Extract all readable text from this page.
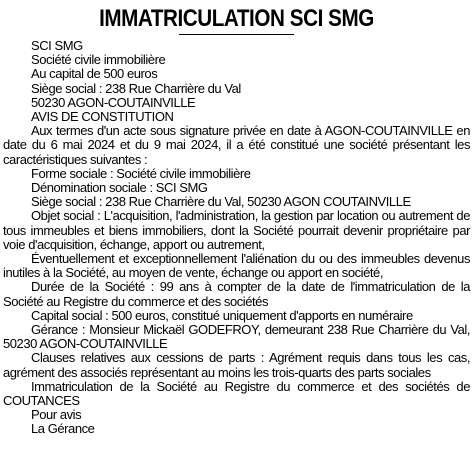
IMMATRICULATION SCI SMG

SCI SMG

Société civile immobilière

Au capital de 500 euros

Siège social : 238 Rue Charrière du Val

50230 AGON-COUTAINVILLE

AVIS DE CONSTITUTION

Aux termes d'un acte sous signature privée en date à AGON-COUTAINVILLE en date du 6 mai 2024 et du 9 mai 2024, il a été constitué une société présentant les caractéristiques suivantes :

Forme sociale : Société civile immobilière

Dénomination sociale : SCI SMG

Siège social : 238 Rue Charrière du Val, 50230 AGON COUTAINVILLE

Objet social : L'acquisition, l'administration, la gestion par location ou autrement de tous immeubles et biens immobiliers, dont la Société pourrait devenir propriétaire par voie d'acquisition, échange, apport ou autrement,

Éventuellement et exceptionnellement l'aliénation du ou des immeubles devenus inutiles à la Société, au moyen de vente, échange ou apport en société,

Durée de la Société : 99 ans à compter de la date de l'immatriculation de la Société au Registre du commerce et des sociétés

Capital social : 500 euros, constitué uniquement d'apports en numéraire

Gérance : Monsieur Mickaël GODEFROY, demeurant 238 Rue Charrière du Val, 50230 AGON-COUTAINVILLE

Clauses relatives aux cessions de parts : Agrément requis dans tous les cas, agrément des associés représentant au moins les trois-quarts des parts sociales

Immatriculation de la Société au Registre du commerce et des sociétés de COUTANCES

Pour avis

La Gérance
